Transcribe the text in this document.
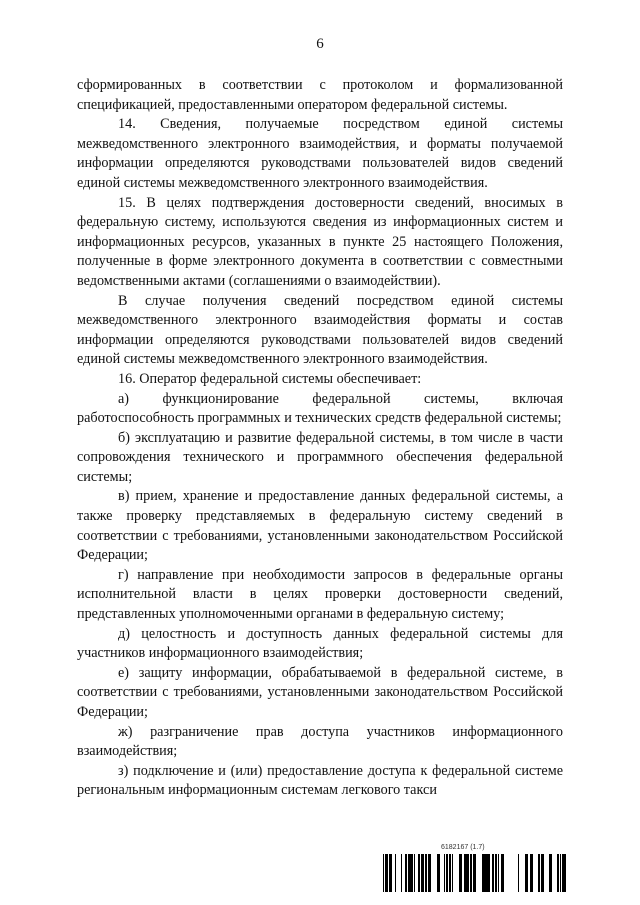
6

сформированных в соответствии с протоколом и формализованной спецификацией, предоставленными оператором федеральной системы.

14. Сведения, получаемые посредством единой системы межведомственного электронного взаимодействия, и форматы получаемой информации определяются руководствами пользователей видов сведений единой системы межведомственного электронного взаимодействия.

15. В целях подтверждения достоверности сведений, вносимых в федеральную систему, используются сведения из информационных систем и информационных ресурсов, указанных в пункте 25 настоящего Положения, полученные в форме электронного документа в соответствии с совместными ведомственными актами (соглашениями о взаимодействии).

В случае получения сведений посредством единой системы межведомственного электронного взаимодействия форматы и состав информации определяются руководствами пользователей видов сведений единой системы межведомственного электронного взаимодействия.

16. Оператор федеральной системы обеспечивает:

а) функционирование федеральной системы, включая работоспособность программных и технических средств федеральной системы;

б) эксплуатацию и развитие федеральной системы, в том числе в части сопровождения технического и программного обеспечения федеральной системы;

в) прием, хранение и предоставление данных федеральной системы, а также проверку представляемых в федеральную систему сведений в соответствии с требованиями, установленными законодательством Российской Федерации;

г) направление при необходимости запросов в федеральные органы исполнительной власти в целях проверки достоверности сведений, представленных уполномоченными органами в федеральную систему;

д) целостность и доступность данных федеральной системы для участников информационного взаимодействия;

е) защиту информации, обрабатываемой в федеральной системе, в соответствии с требованиями, установленными законодательством Российской Федерации;

ж) разграничение прав доступа участников информационного взаимодействия;

з) подключение и (или) предоставление доступа к федеральной системе региональным информационным системам легкового такси

6182167 (1.7)
